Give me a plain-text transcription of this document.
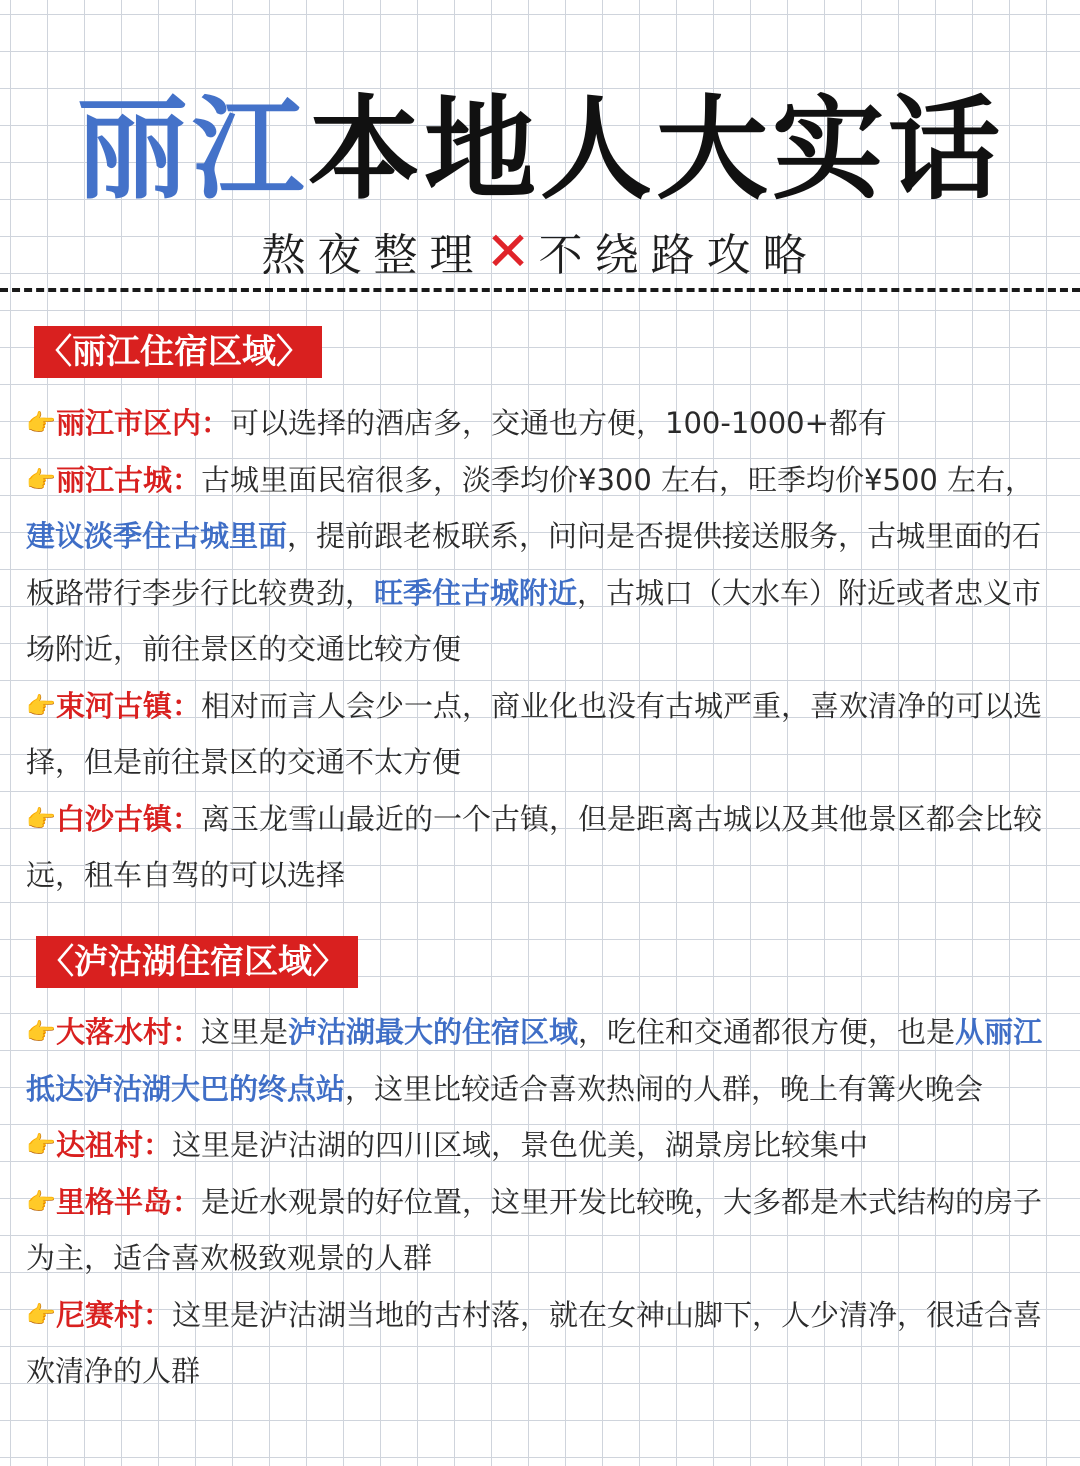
丽江本地人大实话
熬夜整理✕不绕路攻略
〈丽江住宿区域〉
👉丽江市区内：可以选择的酒店多，交通也方便，100-1000+都有
👉丽江古城：古城里面民宿很多，淡季均价¥300 左右，旺季均价¥500 左右，建议淡季住古城里面，提前跟老板联系，问问是否提供接送服务，古城里面的石板路带行李步行比较费劲，旺季住古城附近，古城口（大水车）附近或者忠义市场附近，前往景区的交通比较方便
👉束河古镇：相对而言人会少一点，商业化也没有古城严重，喜欢清净的可以选择，但是前往景区的交通不太方便
👉白沙古镇：离玉龙雪山最近的一个古镇，但是距离古城以及其他景区都会比较远，租车自驾的可以选择
〈泸沽湖住宿区域〉
👉大落水村：这里是泸沽湖最大的住宿区域，吃住和交通都很方便，也是从丽江抵达泸沽湖大巴的终点站，这里比较适合喜欢热闹的人群，晚上有篝火晚会
👉达祖村：这里是泸沽湖的四川区域，景色优美，湖景房比较集中
👉里格半岛：是近水观景的好位置，这里开发比较晚，大多都是木式结构的房子为主，适合喜欢极致观景的人群
👉尼赛村：这里是泸沽湖当地的古村落，就在女神山脚下，人少清净，很适合喜欢清净的人群
